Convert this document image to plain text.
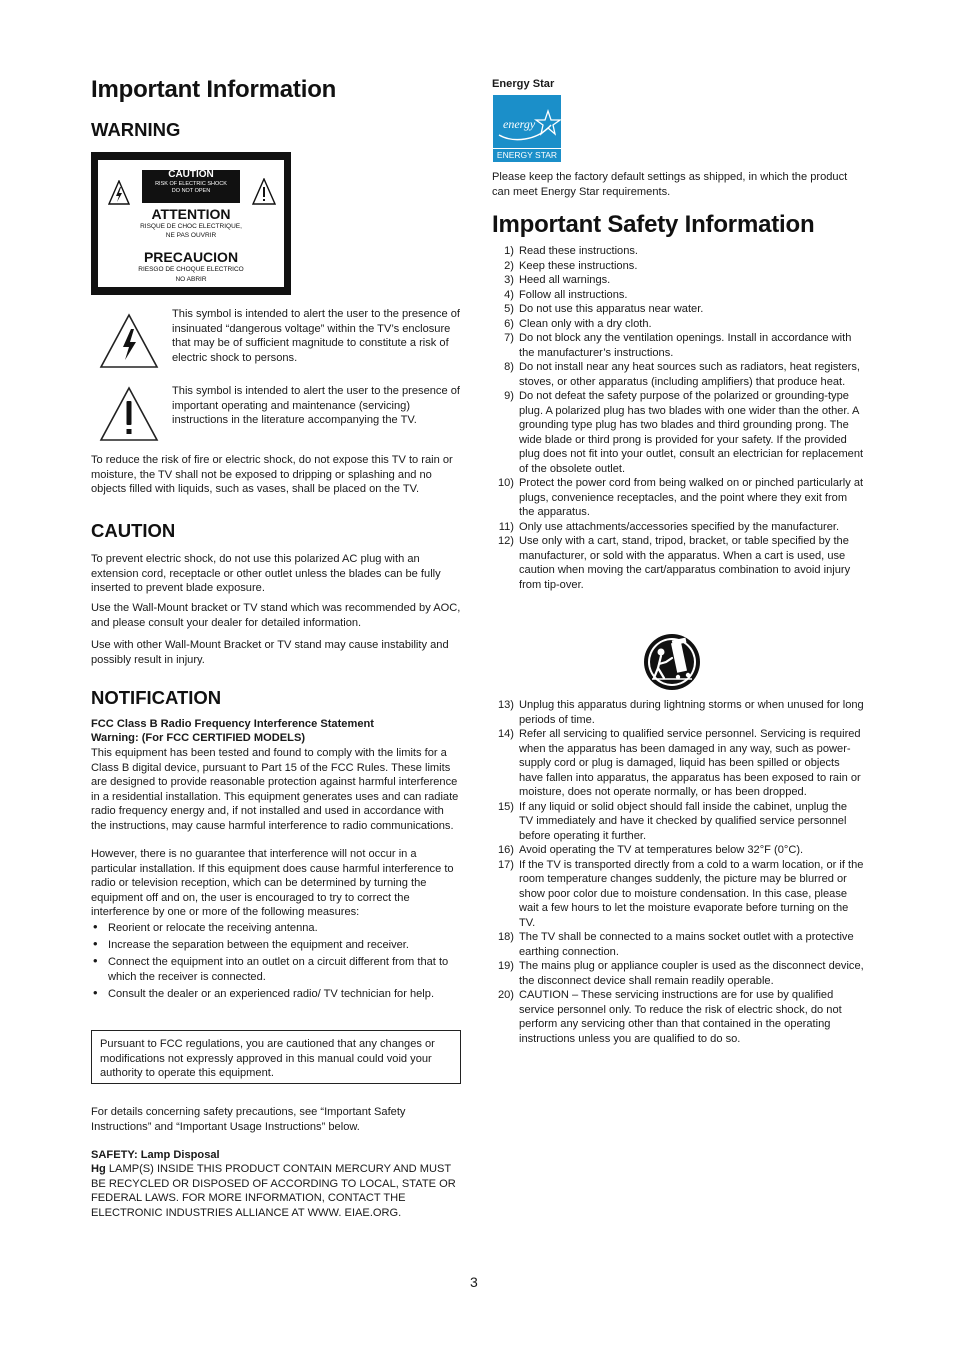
Important Information
WARNING
CAUTION
RISK OF ELECTRIC SHOCK
DO NOT OPEN
ATTENTION
RISQUE DE CHOC ELECTRIQUE,
NE PAS OUVRIR
PRECAUCION
RIESGO DE CHOQUE ELECTRICO
NO ABRIR

This symbol is intended to alert the user to the presence of insinuated “dangerous voltage” within the TV’s enclosure that may be of sufficient magnitude to constitute a risk of electric shock to persons.

This symbol is intended to alert the user to the presence of important operating and maintenance (servicing) instructions in the literature accompanying the TV.

To reduce the risk of fire or electric shock, do not expose this TV to rain or moisture, the TV shall not be exposed to dripping or splashing and no objects filled with liquids, such as vases, shall be placed on the TV.

CAUTION

To prevent electric shock, do not use this polarized AC plug with an extension cord, receptacle or other outlet unless the blades can be fully inserted to prevent blade exposure.

Use the Wall-Mount bracket or TV stand which was recommended by AOC, and please consult your dealer for detailed information.

Use with other Wall-Mount Bracket or TV stand may cause instability and possibly result in injury.

NOTIFICATION

FCC Class B Radio Frequency Interference Statement

Warning: (For FCC CERTIFIED MODELS)

This equipment has been tested and found to comply with the limits for a Class B digital device, pursuant to Part 15 of the FCC Rules. These limits are designed to provide reasonable protection against harmful interference in a residential installation. This equipment generates uses and can radiate radio frequency energy and, if not installed and used in accordance with the instructions, may cause harmful interference to radio communications.

However, there is no guarantee that interference will not occur in a particular installation. If this equipment does cause harmful interference to radio or television reception, which can be determined by turning the equipment off and on, the user is encouraged to try to correct the interference by one or more of the following measures:

• Reorient or relocate the receiving antenna.
• Increase the separation between the equipment and receiver.
• Connect the equipment into an outlet on a circuit different from that to which the receiver is connected.
• Consult the dealer or an experienced radio/ TV technician for help.

Pursuant to FCC regulations, you are cautioned that any changes or modifications not expressly approved in this manual could void your authority to operate this equipment.

For details concerning safety precautions, see “Important Safety Instructions” and “Important Usage Instructions” below.

SAFETY: Lamp Disposal

Hg LAMP(S) INSIDE THIS PRODUCT CONTAIN MERCURY AND MUST BE RECYCLED OR DISPOSED OF ACCORDING TO LOCAL, STATE OR FEDERAL LAWS. FOR MORE INFORMATION, CONTACT THE ELECTRONIC INDUSTRIES ALLIANCE AT WWW. EIAE.ORG.

Energy Star

energy
ENERGY STAR

Please keep the factory default settings as shipped, in which the product can meet Energy Star requirements.

Important Safety Information
1) Read these instructions.
2) Keep these instructions.
3) Heed all warnings.
4) Follow all instructions.
5) Do not use this apparatus near water.
6) Clean only with a dry cloth.
7) Do not block any the ventilation openings. Install in accordance with the manufacturer’s instructions.
8) Do not install near any heat sources such as radiators, heat registers, stoves, or other apparatus (including amplifiers) that produce heat.
9) Do not defeat the safety purpose of the polarized or grounding-type plug. A polarized plug has two blades with one wider than the other. A grounding type plug has two blades and third grounding prong. The wide blade or third prong is provided for your safety. If the provided plug does not fit into your outlet, consult an electrician for replacement of the obsolete outlet.
10) Protect the power cord from being walked on or pinched particularly at plugs, convenience receptacles, and the point where they exit from the apparatus.
11) Only use attachments/accessories specified by the manufacturer.
12) Use only with a cart, stand, tripod, bracket, or table specified by the manufacturer, or sold with the apparatus. When a cart is used, use caution when moving the cart/apparatus combination to avoid injury from tip-over.
13) Unplug this apparatus during lightning storms or when unused for long periods of time.
14) Refer all servicing to qualified service personnel. Servicing is required when the apparatus has been damaged in any way, such as power-supply cord or plug is damaged, liquid has been spilled or objects have fallen into apparatus, the apparatus has been exposed to rain or moisture, does not operate normally, or has been dropped.
15) If any liquid or solid object should fall inside the cabinet, unplug the TV immediately and have it checked by qualified service personnel before operating it further.
16) Avoid operating the TV at temperatures below 32°F (0°C).
17) If the TV is transported directly from a cold to a warm location, or if the room temperature changes suddenly, the picture may be blurred or show poor color due to moisture condensation. In this case, please wait a few hours to let the moisture evaporate before turning on the TV.
18) The TV shall be connected to a mains socket outlet with a protective earthing connection.
19) The mains plug or appliance coupler is used as the disconnect device, the disconnect device shall remain readily operable.
20) CAUTION – These servicing instructions are for use by qualified service personnel only. To reduce the risk of electric shock, do not perform any servicing other than that contained in the operating instructions unless you are qualified to do so.
3
